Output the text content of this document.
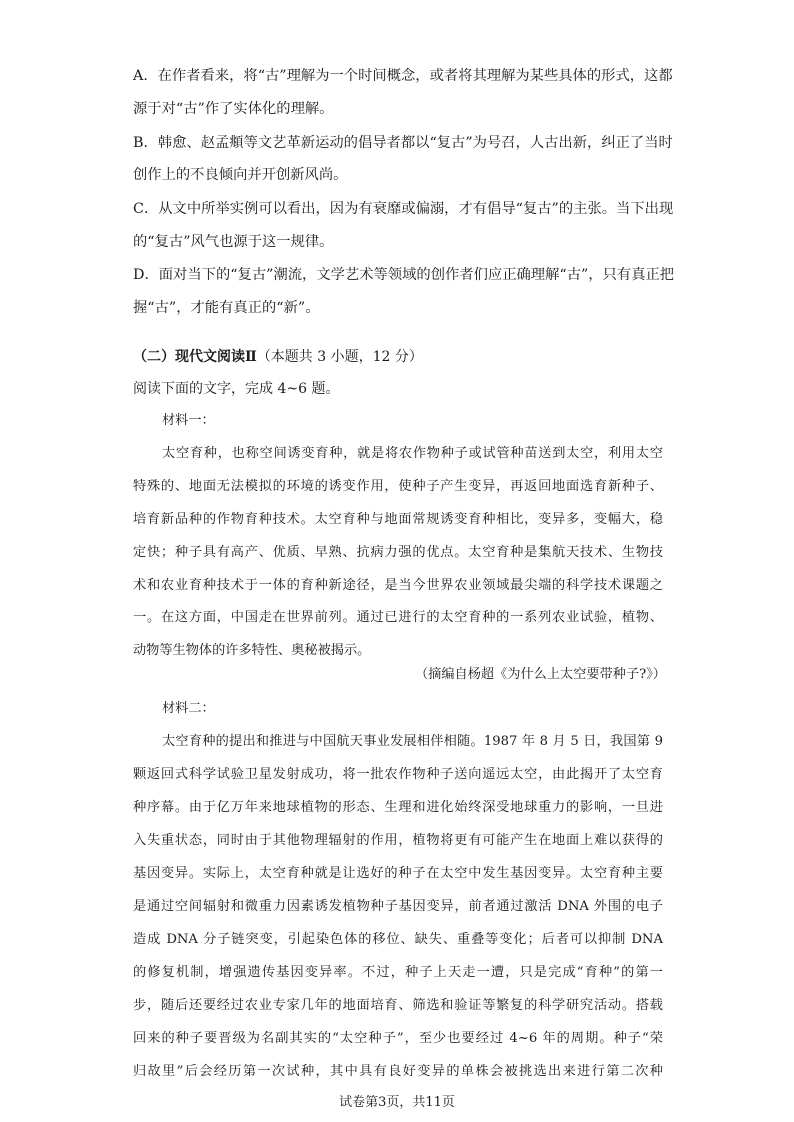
A．在作者看来，将“古”理解为一个时间概念，或者将其理解为某些具体的形式，这都
源于对“古”作了实体化的理解。
B．韩愈、赵孟頫等文艺革新运动的倡导者都以“复古”为号召，人古出新，纠正了当时
创作上的不良倾向并开创新风尚。
C．从文中所举实例可以看出，因为有衰靡或偏溺，才有倡导“复古”的主张。当下出现
的“复古”风气也源于这一规律。
D．面对当下的“复古”潮流，文学艺术等领域的创作者们应正确理解“古”，只有真正把
握“古”，才能有真正的“新”。
（二）现代文阅读Ⅱ（本题共 3 小题，12 分）
阅读下面的文字，完成 4~6 题。
材料一：
太空育种，也称空间诱变育种，就是将农作物种子或试管种苗送到太空，利用太空
特殊的、地面无法模拟的环境的诱变作用，使种子产生变异，再返回地面选育新种子、
培育新品种的作物育种技术。太空育种与地面常规诱变育种相比，变异多，变幅大，稳
定快；种子具有高产、优质、早熟、抗病力强的优点。太空育种是集航天技术、生物技
术和农业育种技术于一体的育种新途径，是当今世界农业领域最尖端的科学技术课题之
一。在这方面，中国走在世界前列。通过已进行的太空育种的一系列农业试验，植物、
动物等生物体的许多特性、奥秘被揭示。
（摘编自杨超《为什么上太空要带种子?》）
材料二：
太空育种的提出和推进与中国航天事业发展相伴相随。1987 年 8 月 5 日，我国第 9
颗返回式科学试验卫星发射成功，将一批农作物种子送向遥远太空，由此揭开了太空育
种序幕。由于亿万年来地球植物的形态、生理和进化始终深受地球重力的影响，一旦进
入失重状态，同时由于其他物理辐射的作用，植物将更有可能产生在地面上难以获得的
基因变异。实际上，太空育种就是让选好的种子在太空中发生基因变异。太空育种主要
是通过空间辐射和微重力因素诱发植物种子基因变异，前者通过激活 DNA 外围的电子
造成 DNA 分子链突变，引起染色体的移位、缺失、重叠等变化；后者可以抑制 DNA
的修复机制，增强遗传基因变异率。不过，种子上天走一遭，只是完成“育种”的第一
步，随后还要经过农业专家几年的地面培育、筛选和验证等繁复的科学研究活动。搭载
回来的种子要晋级为名副其实的“太空种子”，至少也要经过 4~6 年的周期。种子“荣
归故里”后会经历第一次试种，其中具有良好变异的单株会被挑选出来进行第二次种
试卷第3页，共11页
